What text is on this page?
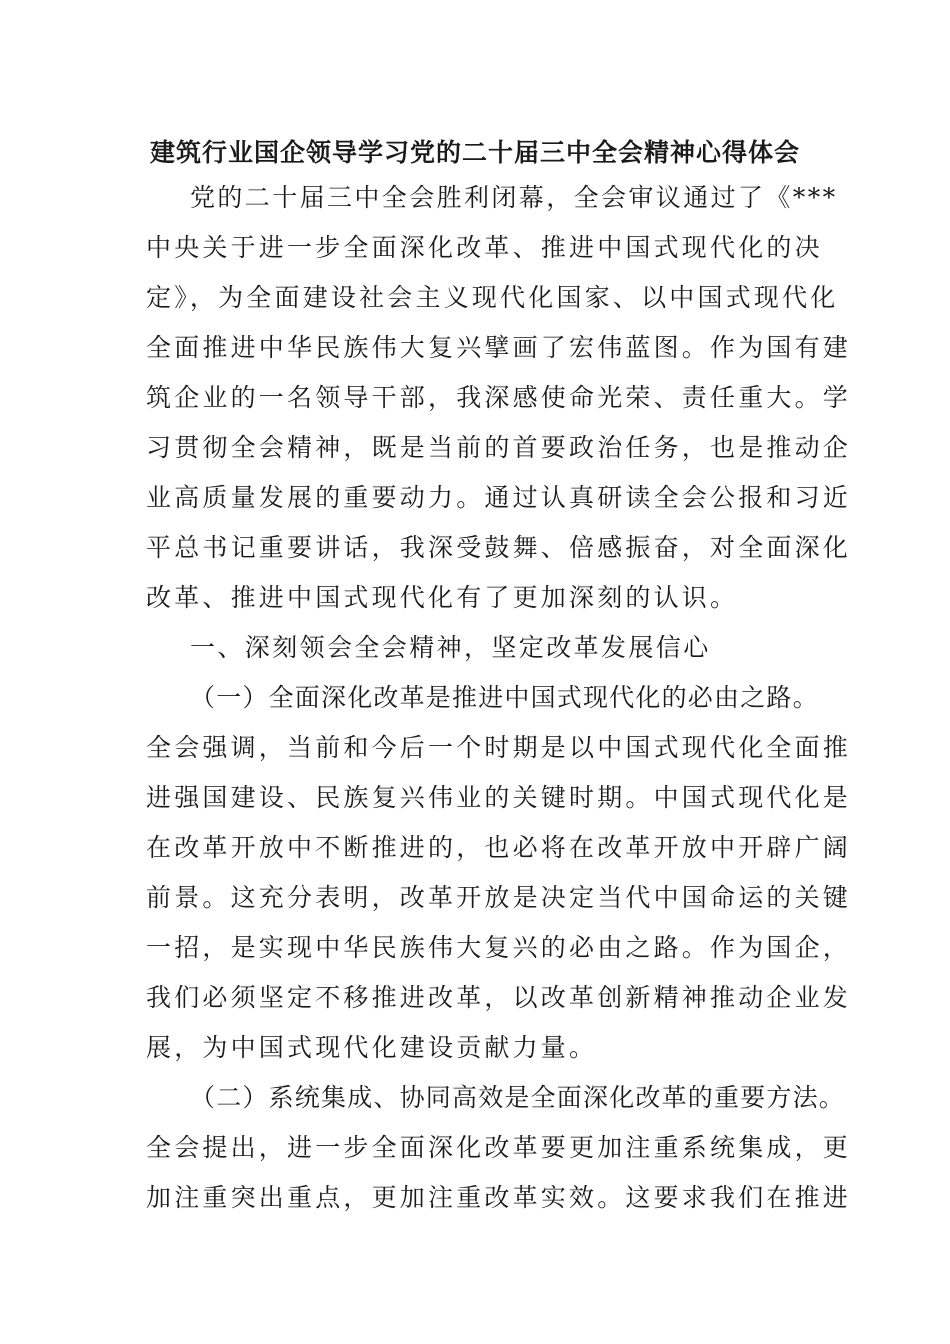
建筑行业国企领导学习党的二十届三中全会精神心得体会
党的二十届三中全会胜利闭幕，全会审议通过了《***
中央关于进一步全面深化改革、推进中国式现代化的决
定》，为全面建设社会主义现代化国家、以中国式现代化
全面推进中华民族伟大复兴擘画了宏伟蓝图。作为国有建
筑企业的一名领导干部，我深感使命光荣、责任重大。学
习贯彻全会精神，既是当前的首要政治任务，也是推动企
业高质量发展的重要动力。通过认真研读全会公报和习近
平总书记重要讲话，我深受鼓舞、倍感振奋，对全面深化
改革、推进中国式现代化有了更加深刻的认识。
一、深刻领会全会精神，坚定改革发展信心
（一）全面深化改革是推进中国式现代化的必由之路。
全会强调，当前和今后一个时期是以中国式现代化全面推
进强国建设、民族复兴伟业的关键时期。中国式现代化是
在改革开放中不断推进的，也必将在改革开放中开辟广阔
前景。这充分表明，改革开放是决定当代中国命运的关键
一招，是实现中华民族伟大复兴的必由之路。作为国企，
我们必须坚定不移推进改革，以改革创新精神推动企业发
展，为中国式现代化建设贡献力量。
（二）系统集成、协同高效是全面深化改革的重要方法。
全会提出，进一步全面深化改革要更加注重系统集成，更
加注重突出重点，更加注重改革实效。这要求我们在推进
